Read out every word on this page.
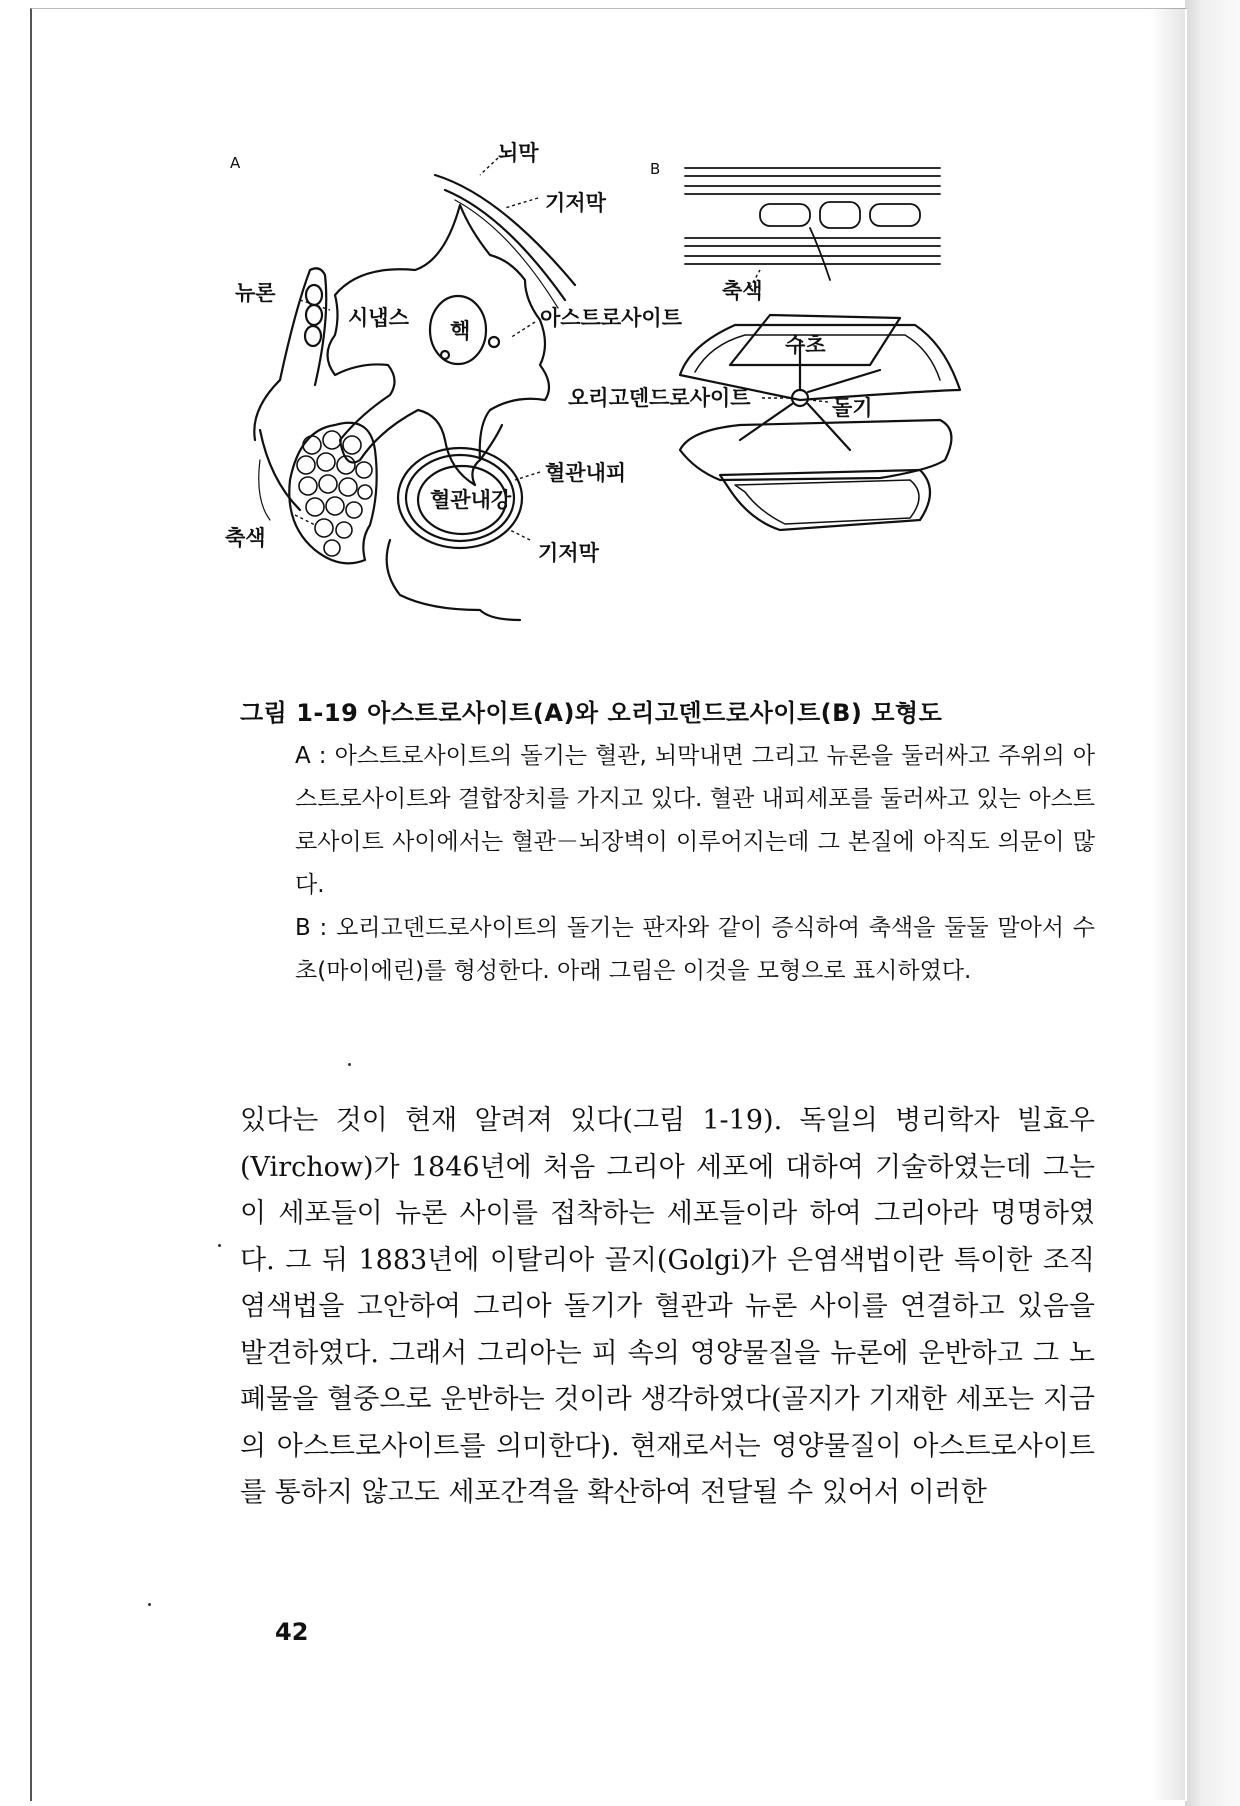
A	B
뇌막
기저막
뉴론
시냅스
핵
아스트로사이트
축색
혈관내피
혈관내강
기저막
축색
수초
오리고덴드로사이트	돌기
그림 1-19 아스트로사이트(A)와 오리고덴드로사이트(B) 모형도

A : 아스트로사이트의 돌기는 혈관, 뇌막내면 그리고 뉴론을 둘러싸고 주위의 아스트로사이트와 결합장치를 가지고 있다. 혈관 내피세포를 둘러싸고 있는 아스트로사이트 사이에서는 혈관－뇌장벽이 이루어지는데 그 본질에 아직도 의문이 많다.

B : 오리고덴드로사이트의 돌기는 판자와 같이 증식하여 축색을 둘둘 말아서 수초(마이에린)를 형성한다. 아래 그림은 이것을 모형으로 표시하였다.

있다는 것이 현재 알려져 있다(그림 1-19). 독일의 병리학자 빌효우(Virchow)가 1846년에 처음 그리아 세포에 대하여 기술하였는데 그는 이 세포들이 뉴론 사이를 접착하는 세포들이라 하여 그리아라 명명하였다. 그 뒤 1883년에 이탈리아 골지(Golgi)가 은염색법이란 특이한 조직염색법을 고안하여 그리아 돌기가 혈관과 뉴론 사이를 연결하고 있음을 발견하였다. 그래서 그리아는 피 속의 영양물질을 뉴론에 운반하고 그 노폐물을 혈중으로 운반하는 것이라 생각하였다(골지가 기재한 세포는 지금의 아스트로사이트를 의미한다). 현재로서는 영양물질이 아스트로사이트를 통하지 않고도 세포간격을 확산하여 전달될 수 있어서 이러한

42
